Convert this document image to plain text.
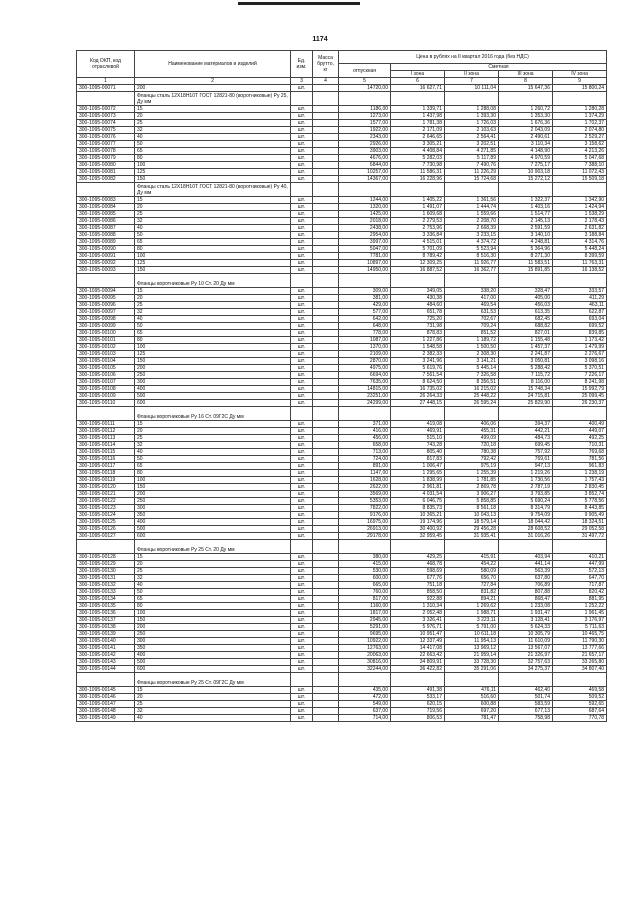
1174
Код ОКП, код отраслевой	Наименование материалов и изделий	Ед. изм.	Масса брутто, кг	Цена в рублях на II квартал 2016 года (без НДС)				
				отпускная	Сметная			
					I зона	II зона	III зона	IV зона
1	2	3	4	5	6	7	8	9
300-1095-00071	200	шт.		14720,00	16 627,71	10 111,04	15 647,36	15 800,24
	Фланцы сталь 12Х18Н10Т ГОСТ 12821-80 (воротниковые) Ру 25, Ду мм							
300-1095-00072	15	шт.		1186,00	1 339,71	1 288,08	1 260,72	1 280,28
300-1095-00073	20	шт.		1273,00	1 437,98	1 393,30	1 353,30	1 374,29
300-1095-00074	25	шт.		1577,00	1 781,38	1 726,03	1 676,36	1 702,37
300-1095-00075	32	шт.		1922,00	2 171,09	2 103,63	2 043,09	2 074,80
300-1095-00076	40	шт.		2343,00	2 646,65	2 564,41	2 490,61	2 529,27
300-1095-00077	50	шт.		2926,00	3 305,21	3 202,51	3 110,34	3 158,62
300-1095-00078	65	шт.		3903,00	4 408,84	4 271,85	4 148,90	4 213,26
300-1095-00079	80	шт.		4676,00	5 282,03	5 117,89	4 970,59	5 047,68
300-1095-00080	100	шт.		6844,00	7 730,98	7 490,76	7 275,17	7 388,10
300-1095-00081	125	шт.		10257,00	11 586,31	11 226,29	10 903,18	11 072,43
300-1095-00082	150	шт.		14367,00	16 228,96	15 724,68	15 272,12	15 509,18
	Фланцы сталь 12Х18Н10Т ГОСТ 12821-80 (воротниковые) Ру 40, Ду мм							
300-1095-00083	15	шт.		1244,00	1 405,22	1 361,56	1 322,37	1 342,90
300-1095-00084	20	шт.		1320,00	1 491,07	1 444,74	1 403,16	1 424,94
300-1095-00085	25	шт.		1425,00	1 609,68	1 559,66	1 514,77	1 538,29
300-1095-00086	32	шт.		2018,00	2 279,53	2 208,70	2 145,13	2 178,43
300-1095-00087	40	шт.		2438,00	2 753,96	2 668,39	2 591,59	2 631,82
300-1095-00088	50	шт.		2954,00	3 336,84	3 233,15	3 140,10	3 188,84
300-1095-00089	65	шт.		3997,00	4 515,01	4 374,72	4 248,81	4 314,76
300-1095-00090	80	шт.		5047,00	5 701,09	5 523,94	5 364,96	5 448,24
300-1095-00091	100	шт.		7781,00	8 789,42	8 516,30	8 271,30	8 399,59
300-1095-00092	125	шт.		10897,00	12 309,25	11 926,77	11 583,51	11 763,31
300-1095-00093	150	шт.		14950,00	16 887,52	16 362,77	15 891,85	16 138,52
	Фланцы воротниковые Ру 10 Ст. 20 Ду мм							
300-1095-00094	15	шт.		309,00	349,05	338,20	328,47	333,57
300-1095-00095	20	шт.		381,00	430,38	417,00	405,00	411,29
300-1095-00096	25	шт.		429,00	484,60	469,54	456,03	463,11
300-1095-00097	32	шт.		577,00	651,78	631,53	613,35	622,87
300-1095-00098	40	шт.		642,00	725,20	702,67	682,45	693,04
300-1095-00099	50	шт.		648,00	731,98	709,24	688,82	699,52
300-1095-00100	65	шт.		778,00	878,83	851,52	827,01	839,85
300-1095-00101	80	шт.		1087,00	1 227,86	1 189,72	1 155,48	1 173,42
300-1095-00102	100	шт.		1370,00	1 548,58	1 500,50	1 457,37	1 479,99
300-1095-00103	125	шт.		2109,00	2 382,33	2 308,30	2 241,87	2 276,67
300-1095-00104	150	шт.		2870,00	3 241,96	3 141,21	3 050,81	3 098,16
300-1095-00105	200	шт.		4975,00	5 619,76	5 445,14	5 288,42	5 370,51
300-1095-00106	250	шт.		6694,00	7 561,54	7 326,58	7 115,72	7 226,17
300-1095-00107	300	шт.		7635,00	8 624,50	8 356,51	8 116,00	8 241,98
300-1095-00108	400	шт.		14815,00	16 735,02	16 215,02	15 748,34	15 992,79
300-1095-00109	500	шт.		23251,00	26 264,33	25 448,22	24 715,81	25 099,45
300-1095-00110	600	шт.		24299,00	27 448,15	26 595,24	25 829,90	26 230,37
	Фланцы воротниковые Ру 16 Ст. 09Г2С Ду мм							
300-1095-00111	15	шт.		371,00	419,08	406,06	394,37	400,49
300-1095-00112	20	шт.		416,00	469,91	455,31	442,21	449,07
300-1095-00113	25	шт.		456,00	515,10	499,09	484,73	492,25
300-1095-00114	32	шт.		658,00	743,28	720,18	699,45	710,31
300-1095-00115	40	шт.		713,00	805,40	780,38	757,92	769,68
300-1095-00116	50	шт.		724,00	817,83	792,42	769,61	781,56
300-1095-00117	65	шт.		891,00	1 006,47	975,19	947,13	961,83
300-1095-00118	80	шт.		1147,00	1 295,65	1 255,39	1 219,26	1 238,19
300-1095-00119	100	шт.		1628,00	1 838,99	1 781,85	1 730,56	1 757,43
300-1095-00120	150	шт.		2622,00	2 961,81	2 869,78	2 787,19	2 830,45
300-1095-00121	200	шт.		3569,00	4 031,54	3 906,27	3 793,85	3 852,74
300-1095-00122	250	шт.		5353,00	6 046,75	5 858,85	5 690,24	5 778,56
300-1095-00123	300	шт.		7822,00	8 835,73	8 561,18	8 314,79	8 443,85
300-1095-00124	350	шт.		9176,00	10 365,21	10 043,13	9 754,09	9 905,49
300-1095-00125	400	шт.		16975,00	19 174,96	18 579,14	18 044,42	18 324,51
300-1095-00126	500	шт.		26913,00	30 400,92	29 456,28	28 608,52	29 052,58
300-1095-00127	600	шт.		29178,00	32 959,45	31 935,41	31 016,26	31 497,72
	Фланцы воротниковые Ру 25 Ст. 20 Ду мм							
300-1095-00128	15	шт.		380,00	429,25	415,91	403,94	410,21
300-1095-00129	20	шт.		415,00	468,78	454,22	441,14	447,99
300-1095-00130	25	шт.		530,00	598,69	580,09	563,39	572,13
300-1095-00131	32	шт.		600,00	677,76	656,70	637,80	647,70
300-1095-00132	40	шт.		665,00	751,18	727,84	706,89	717,87
300-1095-00133	50	шт.		760,00	858,50	831,82	807,88	820,42
300-1095-00134	65	шт.		817,00	922,88	894,21	868,47	881,95
300-1095-00135	80	шт.		1160,00	1 310,34	1 269,62	1 233,08	1 252,22
300-1095-00136	100	шт.		1817,00	2 052,48	1 988,71	1 931,47	1 961,45
300-1095-00137	150	шт.		2945,00	3 326,41	3 223,11	3 128,41	3 176,97
300-1095-00138	200	шт.		5291,00	5 976,71	5 791,00	5 624,33	5 711,63
300-1095-00139	250	шт.		9695,00	10 951,47	10 611,18	10 305,79	10 465,75
300-1095-00140	300	шт.		10922,00	12 337,49	11 954,13	11 610,09	11 790,30
300-1095-00141	350	шт.		12763,00	14 417,08	13 969,12	13 567,07	13 777,66
300-1095-00142	400	шт.		20063,00	22 663,42	21 959,14	21 326,97	21 657,17
300-1095-00143	500	шт.		30816,00	34 809,91	33 728,30	32 757,63	33 265,80
300-1095-00144	600	шт.		32244,00	36 422,82	35 291,06	34 275,37	34 807,40
	Фланцы воротниковые Ру 25 Ст. 09Г2С Ду мм							
300-1095-00145	15	шт.		435,00	491,38	476,11	462,40	469,58
300-1095-00146	20	шт.		472,00	533,17	516,60	501,74	509,52
300-1095-00147	25	шт.		549,00	620,15	600,88	583,59	592,65
300-1095-00148	32	шт.		637,00	719,56	697,20	677,13	687,64
300-1095-00149	40	шт.		714,00	806,53	781,47	758,98	770,78
